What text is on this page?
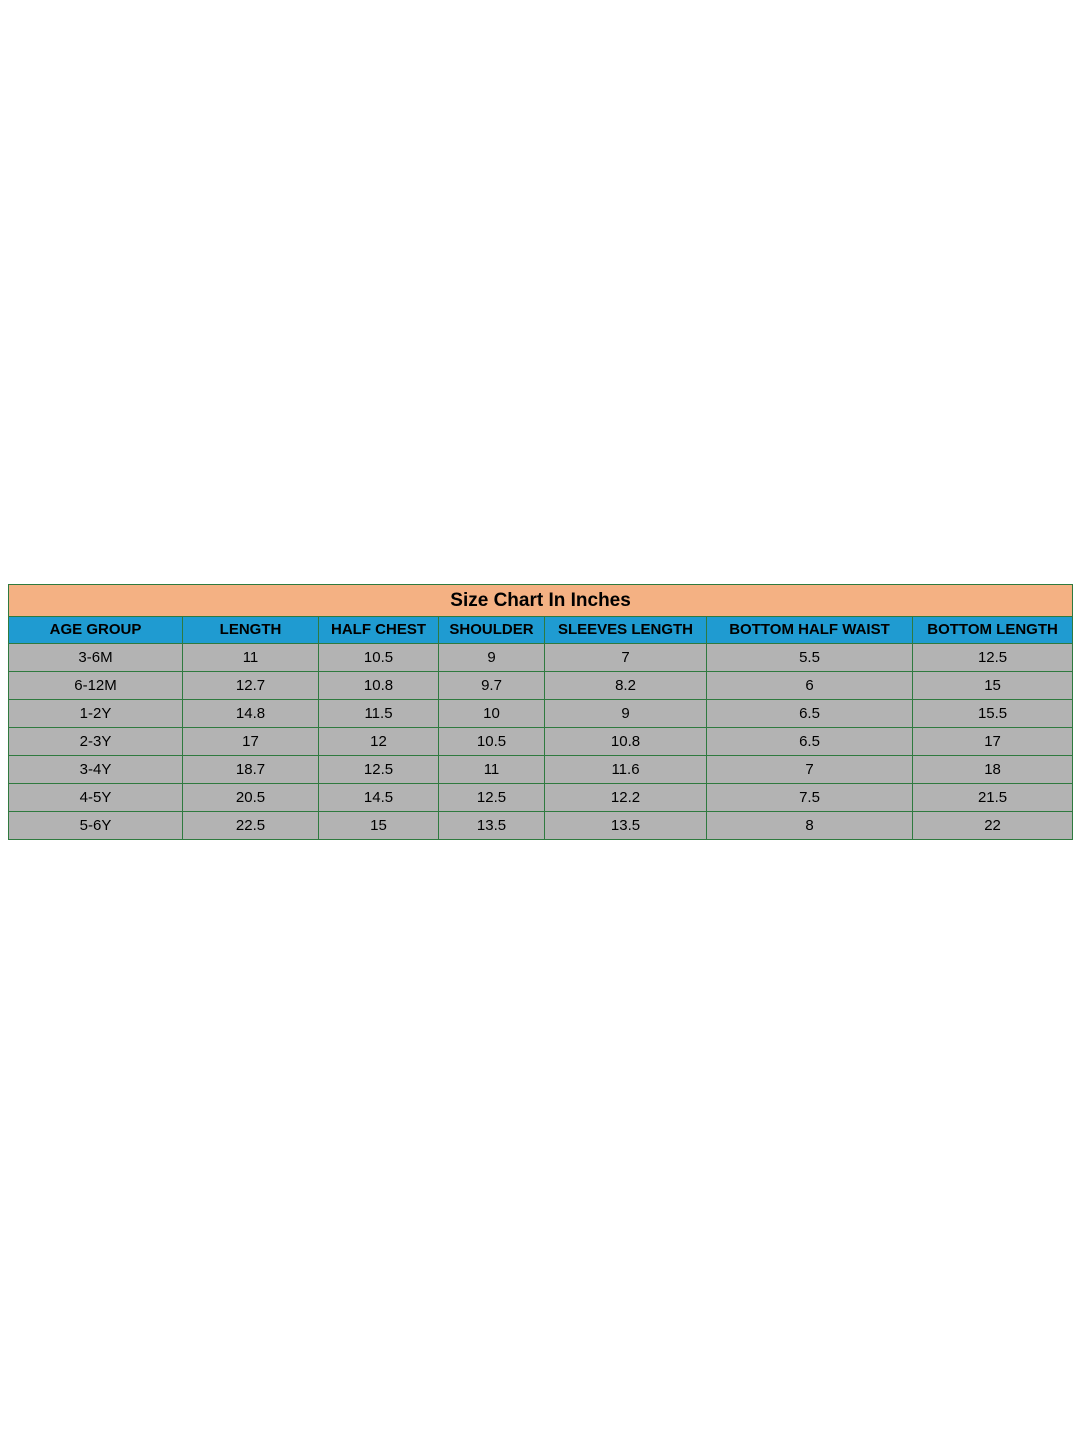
Size Chart In Inches						
AGE GROUP	LENGTH	HALF CHEST	SHOULDER	SLEEVES LENGTH	BOTTOM HALF WAIST	BOTTOM LENGTH
3-6M	11	10.5	9	7	5.5	12.5
6-12M	12.7	10.8	9.7	8.2	6	15
1-2Y	14.8	11.5	10	9	6.5	15.5
2-3Y	17	12	10.5	10.8	6.5	17
3-4Y	18.7	12.5	11	11.6	7	18
4-5Y	20.5	14.5	12.5	12.2	7.5	21.5
5-6Y	22.5	15	13.5	13.5	8	22
